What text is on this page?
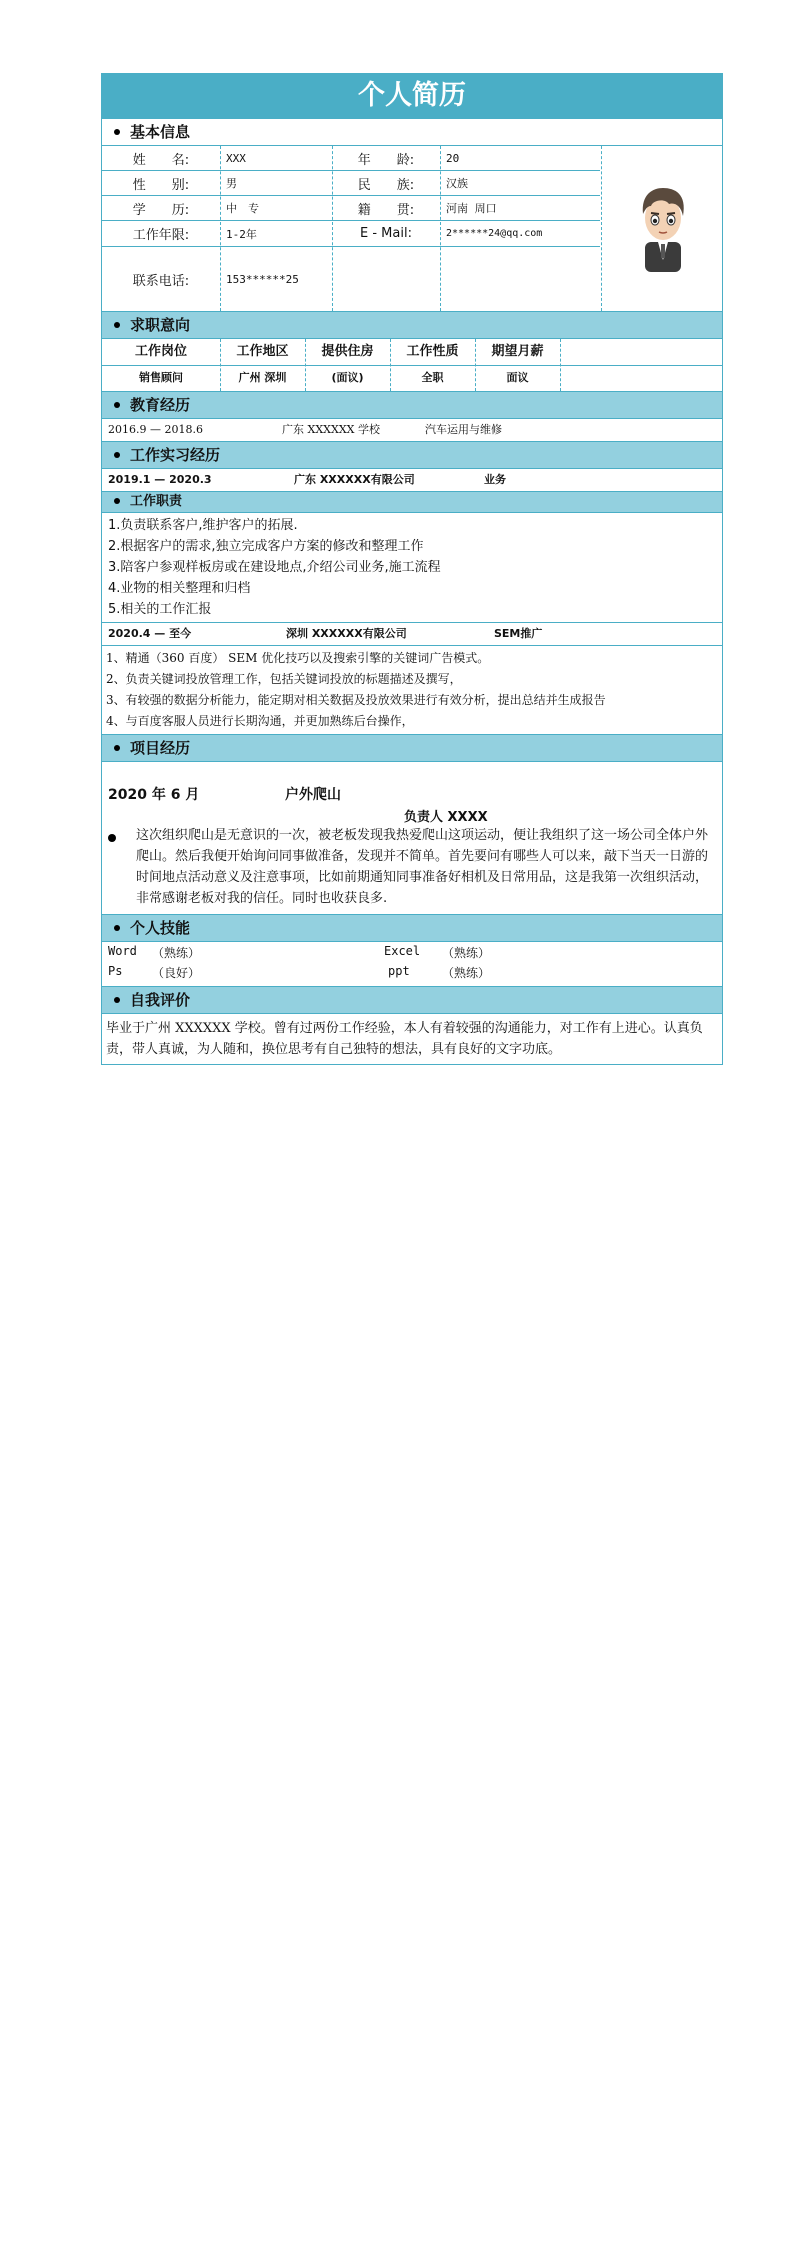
个人简历
基本信息
姓　　名:	XXX	年　　龄:	20
性　　别:	男	民　　族:	汉族
学　　历:	中　专	籍　　贯:	河南 周口
工作年限:	1-2年	E - Mail:	2******24@qq.com
联系电话:	153******25
求职意向
工作岗位	工作地区	提供住房	工作性质	期望月薪
销售顾问	广州 深圳	(面议)	全职	面议
教育经历
2016.9 — 2018.6	广东 XXXXXX 学校	汽车运用与维修
工作实习经历
2019.1 — 2020.3	广东 XXXXXX有限公司	业务
工作职责
1.负责联系客户,维护客户的拓展.
2.根据客户的需求,独立完成客户方案的修改和整理工作
3.陪客户参观样板房或在建设地点,介绍公司业务,施工流程
4.业物的相关整理和归档
5.相关的工作汇报
2020.4 — 至今	深圳 XXXXXX有限公司	SEM推广
1、精通（360 百度） SEM 优化技巧以及搜索引擎的关键词广告模式。
2、负责关键词投放管理工作，包括关键词投放的标题描述及撰写，
3、有较强的数据分析能力，能定期对相关数据及投放效果进行有效分析，提出总结并生成报告
4、与百度客服人员进行长期沟通，并更加熟练后台操作，
项目经历
2020 年 6 月	户外爬山
负责人 XXXX
这次组织爬山是无意识的一次，被老板发现我热爱爬山这项运动，便让我组织了这一场公司全体户外爬山。然后我便开始询问同事做准备，发现并不简单。首先要问有哪些人可以来，敲下当天一日游的时间地点活动意义及注意事项，比如前期通知同事准备好相机及日常用品，这是我第一次组织活动，非常感谢老板对我的信任。同时也收获良多.
个人技能
Word （熟练）	Excel （熟练）
Ps （良好）	ppt	（熟练）
自我评价
毕业于广州 XXXXXX 学校。曾有过两份工作经验，本人有着较强的沟通能力，对工作有上进心。认真负责，带人真诚，为人随和，换位思考有自己独特的想法，具有良好的文字功底。
